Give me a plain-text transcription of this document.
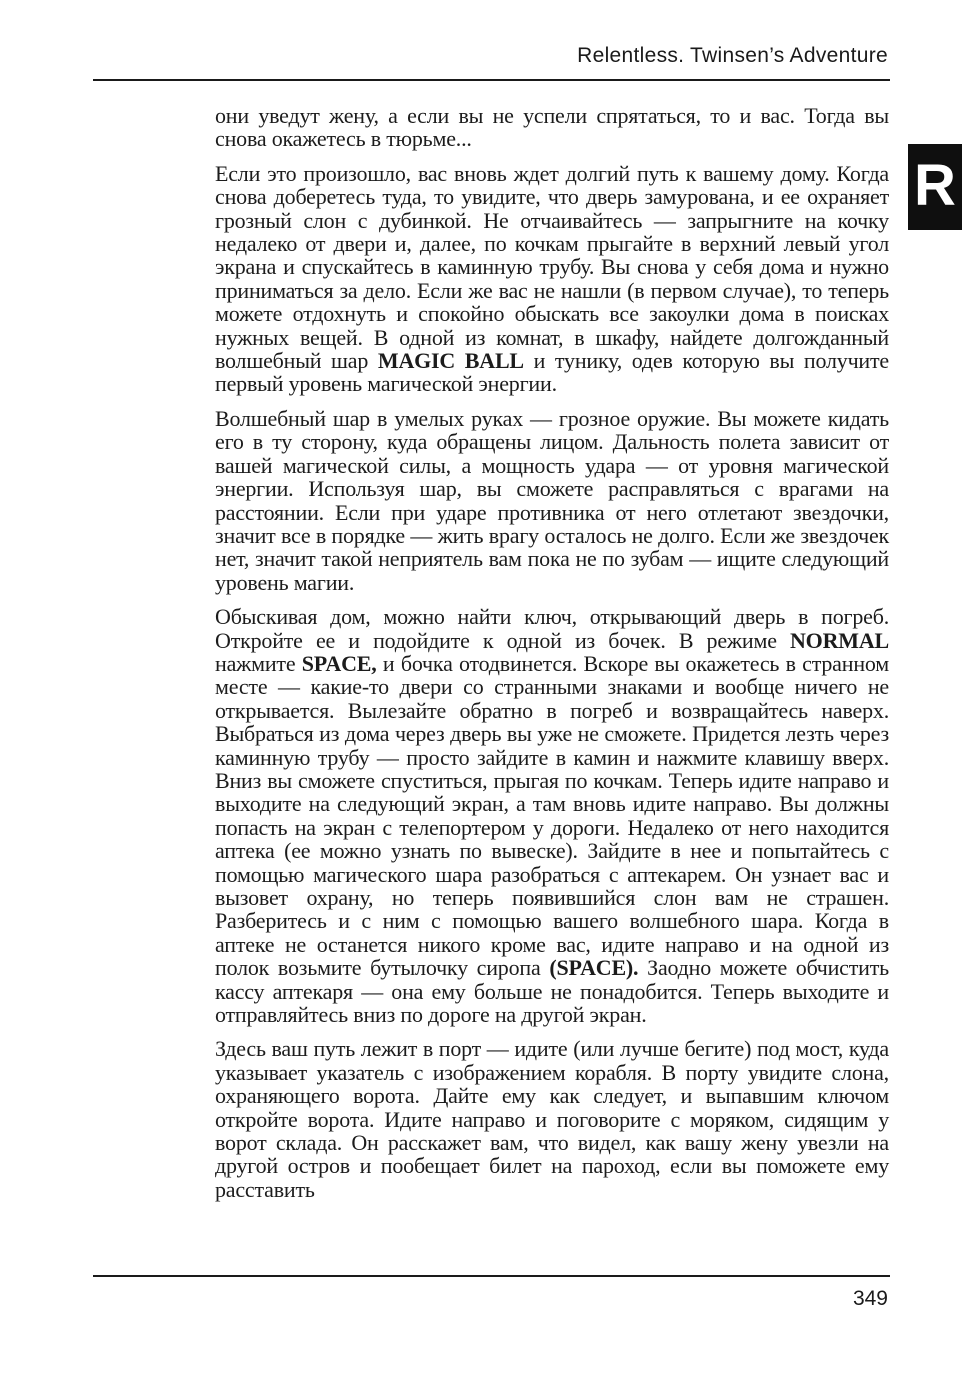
Relentless. Twinsen’s Adventure
R

они уведут жену, а если вы не успели спрятаться, то и вас. Тогда вы снова окажетесь в тюрьме...

Если это произошло, вас вновь ждет долгий путь к вашему дому. Когда снова доберетесь туда, то увидите, что дверь замурована, и ее охраняет грозный слон с дубинкой. Не отчаивайтесь — запрыгните на кочку недалеко от двери и, далее, по кочкам прыгайте в верхний левый угол экрана и спускайтесь в каминную трубу. Вы снова у себя дома и нужно приниматься за дело. Если же вас не нашли (в первом случае), то теперь можете отдохнуть и спокойно обыскать все закоулки дома в поисках нужных вещей. В одной из комнат, в шкафу, найдете долгожданный волшебный шар MAGIC BALL и тунику, одев которую вы получите первый уровень магической энергии.

Волшебный шар в умелых руках — грозное оружие. Вы можете кидать его в ту сторону, куда обращены лицом. Дальность полета зависит от вашей магической силы, а мощность удара — от уровня магической энергии. Используя шар, вы сможете расправляться с врагами на расстоянии. Если при ударе противника от него отлетают звездочки, значит все в порядке — жить врагу осталось не долго. Если же звездочек нет, значит такой неприятель вам пока не по зубам — ищите следующий уровень магии.

Обыскивая дом, можно найти ключ, открывающий дверь в погреб. Откройте ее и подойдите к одной из бочек. В режиме NORMAL нажмите SPACE, и бочка отодвинется. Вскоре вы окажетесь в странном месте — какие-то двери со странными знаками и вообще ничего не открывается. Вылезайте обратно в погреб и возвращайтесь наверх. Выбраться из дома через дверь вы уже не сможете. Придется лезть через каминную трубу — просто зайдите в камин и нажмите клавишу вверх. Вниз вы сможете спуститься, прыгая по кочкам. Теперь идите направо и выходите на следующий экран, а там вновь идите направо. Вы должны попасть на экран с телепортером у дороги. Недалеко от него находится аптека (ее можно узнать по вывеске). Зайдите в нее и попытайтесь с помощью магического шара разобраться с аптекарем. Он узнает вас и вызовет охрану, но теперь появившийся слон вам не страшен. Разберитесь и с ним с помощью вашего волшебного шара. Когда в аптеке не останется никого кроме вас, идите направо и на одной из полок возьмите бутылочку сиропа (SPACE). Заодно можете обчистить кассу аптекаря — она ему больше не понадобится. Теперь выходите и отправляйтесь вниз по дороге на другой экран.

Здесь ваш путь лежит в порт — идите (или лучше бегите) под мост, куда указывает указатель с изображением корабля. В порту увидите слона, охраняющего ворота. Дайте ему как следует, и выпавшим ключом откройте ворота. Идите направо и поговорите с моряком, сидящим у ворот склада. Он расскажет вам, что видел, как вашу жену увезли на другой остров и пообещает билет на пароход, если вы поможете ему расставить

349
